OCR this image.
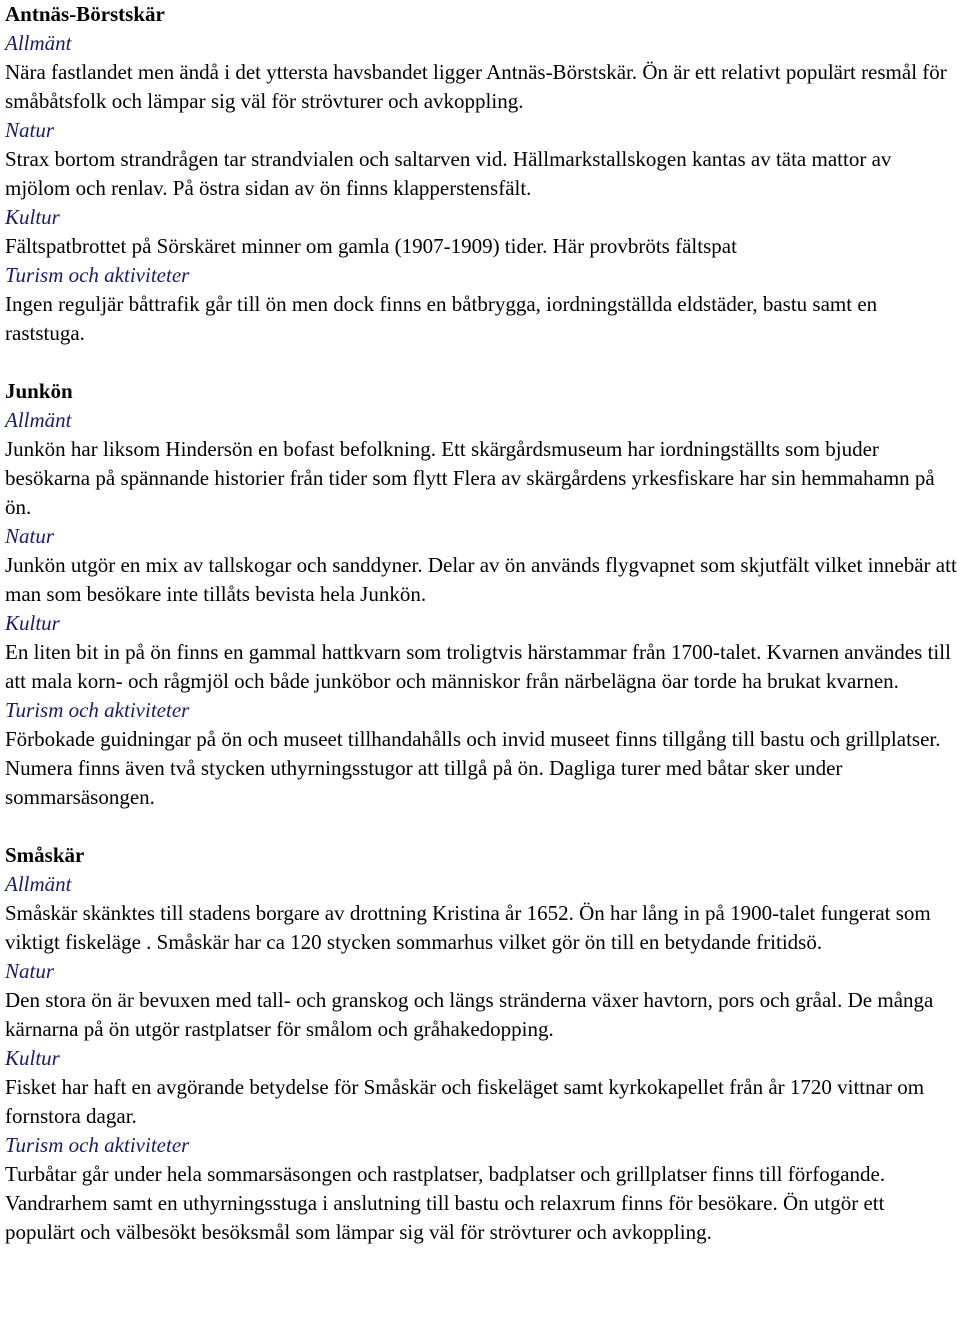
Antnäs-Börstskär
Allmänt

Nära fastlandet men ändå i det yttersta havsbandet ligger Antnäs-Börstskär. Ön är ett relativt populärt resmål för småbåtsfolk och lämpar sig väl för strövturer och avkoppling.

Natur

Strax bortom strandrågen tar strandvialen och saltarven vid. Hällmarkstallskogen kantas av täta mattor av mjölom och renlav. På östra sidan av ön finns klapperstensfält.

Kultur

Fältspatbrottet på Sörskäret minner om gamla (1907-1909) tider. Här provbröts fältspat

Turism och aktiviteter

Ingen reguljär båttrafik går till ön men dock finns en båtbrygga, iordningställda eldstäder, bastu samt en raststuga.

Junkön
Allmänt

Junkön har liksom Hindersön en bofast befolkning. Ett skärgårdsmuseum har iordningställts som bjuder besökarna på spännande historier från tider som flytt Flera av skärgårdens yrkesfiskare har sin hemmahamn på ön.

Natur

Junkön utgör en mix av tallskogar och sanddyner. Delar av ön används flygvapnet som skjutfält vilket innebär att man som besökare inte tillåts bevista hela Junkön.

Kultur

En liten bit in på ön finns en gammal hattkvarn som troligtvis härstammar från 1700-talet. Kvarnen användes till att mala korn- och rågmjöl och både junköbor och människor från närbelägna öar torde ha brukat kvarnen.

Turism och aktiviteter

Förbokade guidningar på ön och museet tillhandahålls och invid museet finns tillgång till bastu och grillplatser. Numera finns även två stycken uthyrningsstugor att tillgå på ön. Dagliga turer med båtar sker under sommarsäsongen.

Småskär
Allmänt

Småskär skänktes till stadens borgare av drottning Kristina år 1652. Ön har lång in på 1900-talet fungerat som viktigt fiskeläge . Småskär har ca 120 stycken sommarhus vilket gör ön till en betydande fritidsö.

Natur

Den stora ön är bevuxen med tall- och granskog och längs stränderna växer havtorn, pors och gråal. De många kärnarna på ön utgör rastplatser för smålom och gråhakedopping.

Kultur

Fisket har haft en avgörande betydelse för Småskär och fiskeläget samt kyrkokapellet från år 1720 vittnar om fornstora dagar.

Turism och aktiviteter

Turbåtar går under hela sommarsäsongen och rastplatser, badplatser och grillplatser finns till förfogande. Vandrarhem samt en uthyrningsstuga i anslutning till bastu och relaxrum finns för besökare. Ön utgör ett populärt och välbesökt besöksmål som lämpar sig väl för strövturer och avkoppling.
